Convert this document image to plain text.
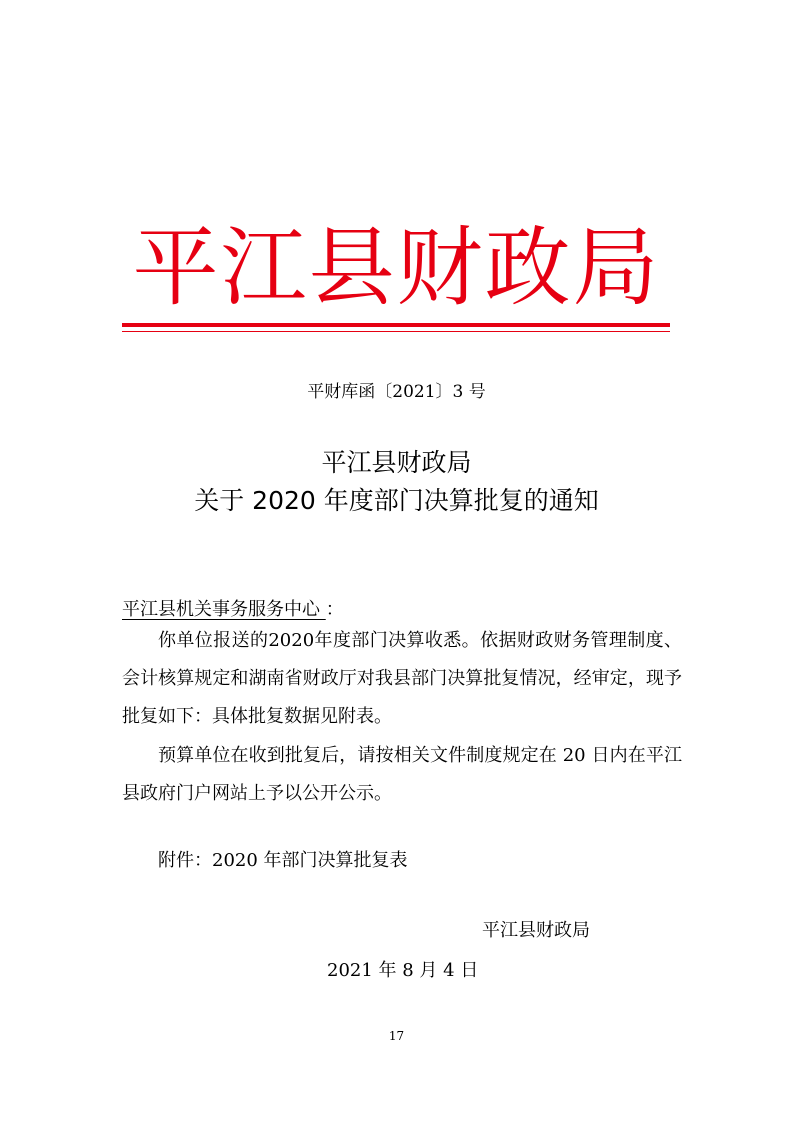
平江县财政局
平财库函〔2021〕3 号
平江县财政局
关于 2020 年度部门决算批复的通知
平江县机关事务服务中心 ：

你单位报送的2020年度部门决算收悉。依据财政财务管理制度、会计核算规定和湖南省财政厅对我县部门决算批复情况，经审定，现予批复如下：具体批复数据见附表。

预算单位在收到批复后，请按相关文件制度规定在 20 日内在平江县政府门户网站上予以公开公示。

附件：2020 年部门决算批复表
平江县财政局
2021 年 8 月 4 日
17
